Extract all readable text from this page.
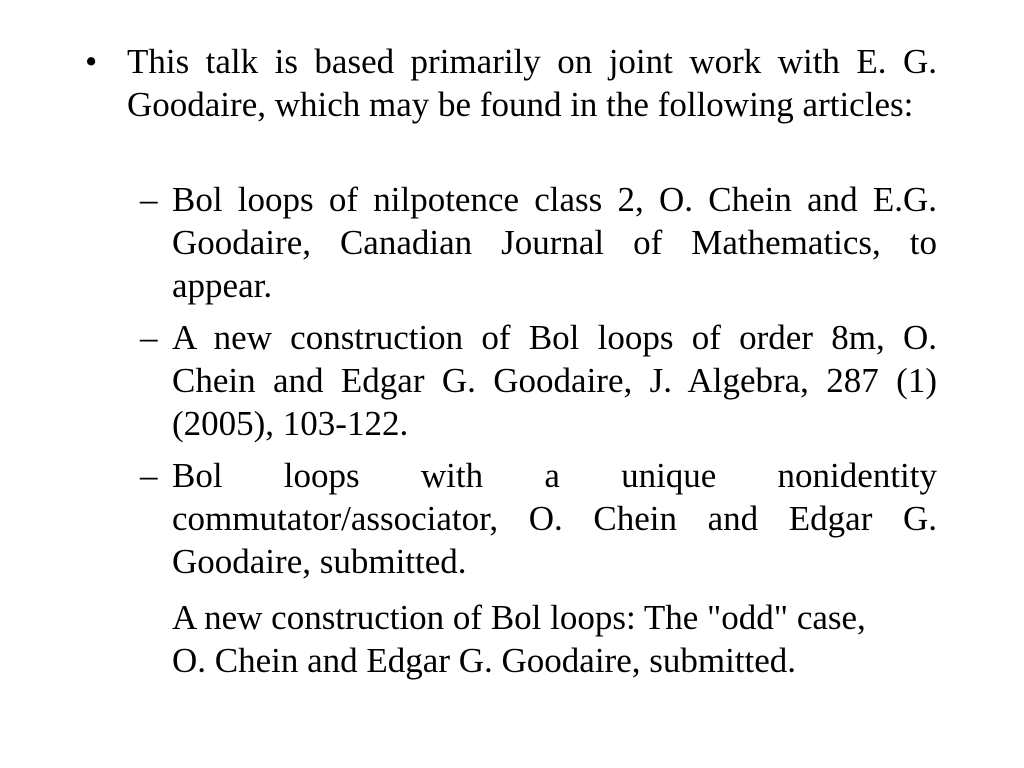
• This talk is based primarily on joint work with E. G. Goodaire, which may be found in the following articles:
– Bol loops of nilpotence class 2, O. Chein and E.G. Goodaire, Canadian Journal of Mathematics, to appear.
– A new construction of Bol loops of order 8m, O. Chein and Edgar G. Goodaire, J. Algebra, 287 (1) (2005), 103-122.
– Bol loops with a unique nonidentity commutator/associator, O. Chein and Edgar G. Goodaire, submitted.
A new construction of Bol loops: The "odd" case, O. Chein and Edgar G. Goodaire, submitted.
